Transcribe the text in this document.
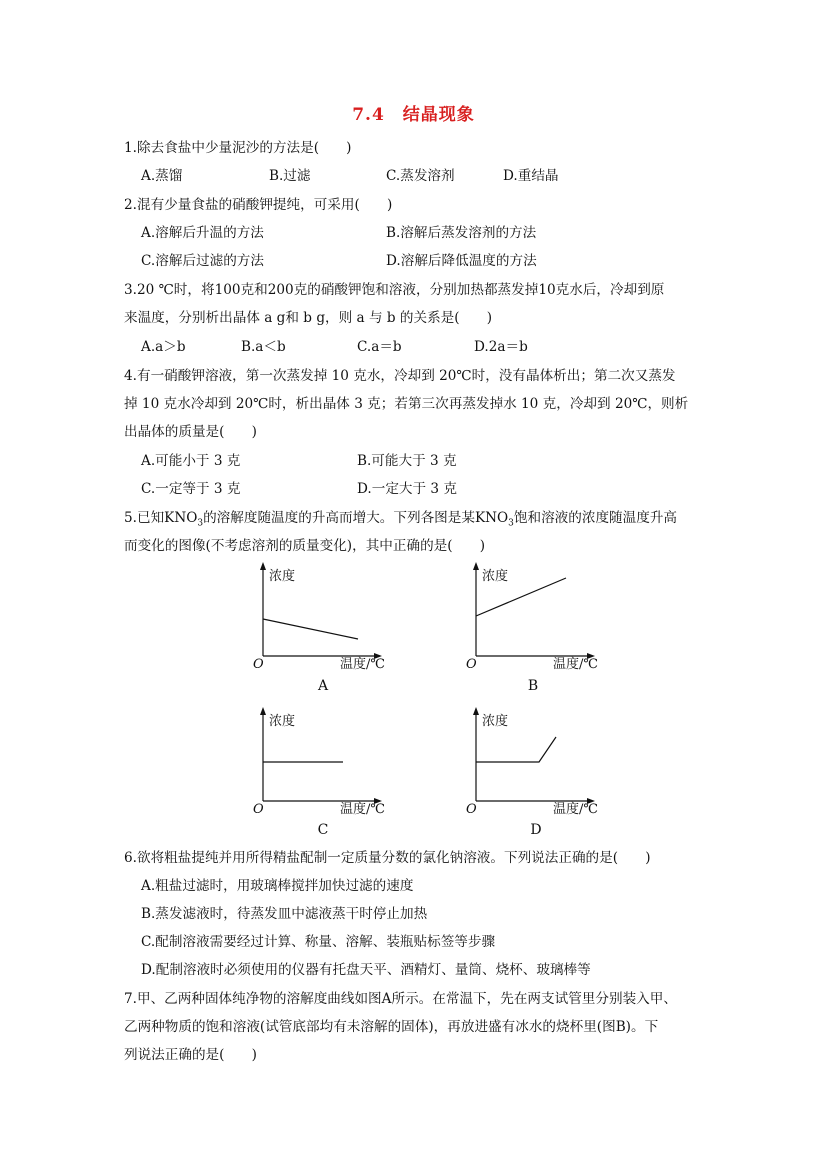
7.4　结晶现象
1.除去食盐中少量泥沙的方法是(　　)
A.蒸馏	B.过滤	C.蒸发溶剂	D.重结晶
2.混有少量食盐的硝酸钾提纯，可采用(　　)
A.溶解后升温的方法	B.溶解后蒸发溶剂的方法
C.溶解后过滤的方法	D.溶解后降低温度的方法
3.20 ℃时，将100克和200克的硝酸钾饱和溶液，分别加热都蒸发掉10克水后，冷却到原
来温度，分别析出晶体 a g和 b g，则 a 与 b 的关系是(　　)
A.a＞b	B.a＜b	C.a＝b	D.2a＝b
4.有一硝酸钾溶液，第一次蒸发掉 10 克水，冷却到 20℃时，没有晶体析出；第二次又蒸发
掉 10 克水冷却到 20℃时，析出晶体 3 克；若第三次再蒸发掉水 10 克，冷却到 20℃，则析
出晶体的质量是(　　)
A.可能小于 3 克	B.可能大于 3 克
C.一定等于 3 克	D.一定大于 3 克
5.已知$KNO_3$的溶解度随温度的升高而增大。下列各图是某$KNO_3$饱和溶液的浓度随温度升高
而变化的图像(不考虑溶剂的质量变化)，其中正确的是(　　)
浓度
O	温度/℃
A
浓度
O	温度/℃
B
浓度
O	温度/℃
C
浓度
O	温度/℃
D
6.欲将粗盐提纯并用所得精盐配制一定质量分数的氯化钠溶液。下列说法正确的是(　　)
A.粗盐过滤时，用玻璃棒搅拌加快过滤的速度
B.蒸发滤液时，待蒸发皿中滤液蒸干时停止加热
C.配制溶液需要经过计算、称量、溶解、装瓶贴标签等步骤
D.配制溶液时必须使用的仪器有托盘天平、酒精灯、量筒、烧杯、玻璃棒等
7.甲、乙两种固体纯净物的溶解度曲线如图A所示。在常温下，先在两支试管里分别装入甲、
乙两种物质的饱和溶液(试管底部均有未溶解的固体)，再放进盛有冰水的烧杯里(图B)。下
列说法正确的是(　　)
